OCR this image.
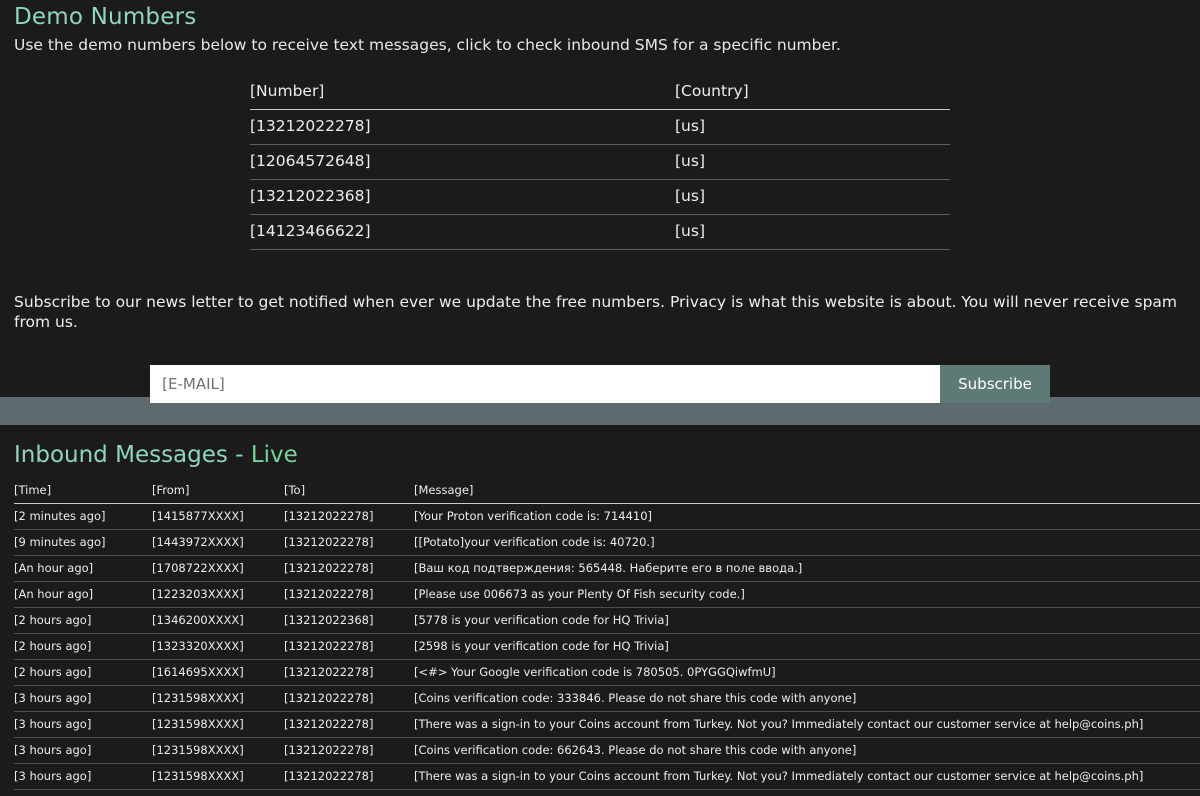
Demo Numbers

Use the demo numbers below to receive text messages, click to check inbound SMS for a specific number.

[Number]	[Country]
[13212022278]	[us]
[12064572648]	[us]
[13212022368]	[us]
[14123466622]	[us]

Subscribe to our news letter to get notified when ever we update the free numbers. Privacy is what this website is about. You will never receive spam from us.

[E-MAIL]
Subscribe
Inbound Messages - Live
[Time]	[From]	[To]	[Message]
[2 minutes ago]	[1415877XXXX]	[13212022278]	[Your Proton verification code is: 714410]
[9 minutes ago]	[1443972XXXX]	[13212022278]	[[Potato]your verification code is: 40720.]
[An hour ago]	[1708722XXXX]	[13212022278]	[Ваш код подтверждения: 565448. Наберите его в поле ввода.]
[An hour ago]	[1223203XXXX]	[13212022278]	[Please use 006673 as your Plenty Of Fish security code.]
[2 hours ago]	[1346200XXXX]	[13212022368]	[5778 is your verification code for HQ Trivia]
[2 hours ago]	[1323320XXXX]	[13212022278]	[2598 is your verification code for HQ Trivia]
[2 hours ago]	[1614695XXXX]	[13212022278]	[<#> Your Google verification code is 780505. 0PYGGQiwfmU]
[3 hours ago]	[1231598XXXX]	[13212022278]	[Coins verification code: 333846. Please do not share this code with anyone]
[3 hours ago]	[1231598XXXX]	[13212022278]	[There was a sign-in to your Coins account from Turkey. Not you? Immediately contact our customer service at help@coins.ph]
[3 hours ago]	[1231598XXXX]	[13212022278]	[Coins verification code: 662643. Please do not share this code with anyone]
[3 hours ago]	[1231598XXXX]	[13212022278]	[There was a sign-in to your Coins account from Turkey. Not you? Immediately contact our customer service at help@coins.ph]
